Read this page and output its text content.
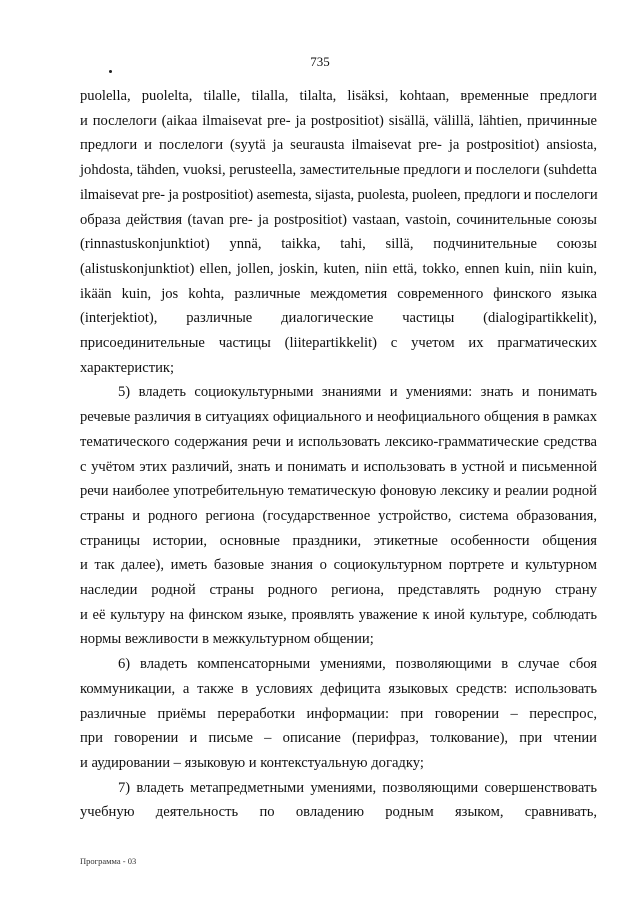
735
puolella, puolelta, tilalle, tilalla, tilalta, lisäksi, kohtaan, временные предлоги
и послелоги (aikaa ilmaisevat pre- ja postpositiot) sisällä, välillä, lähtien, причинные
предлоги и послелоги (syytä ja seurausta ilmaisevat pre- ja postpositiot) ansiosta,
johdosta, tähden, vuoksi, perusteella, заместительные предлоги и послелоги (suhdetta
ilmaisevat pre- ja postpositiot) asemesta, sijasta, puolesta, puoleen, предлоги и послелоги
образа действия (tavan pre- ja postpositiot) vastaan, vastoin, сочинительные союзы
(rinnastuskonjunktiot) ynnä, taikka, tahi, sillä, подчинительные союзы
(alistuskonjunktiot) ellen, jollen, joskin, kuten, niin että, tokko, ennen kuin, niin kuin,
ikään kuin, jos kohta, различные междометия современного финского языка
(interjektiot), различные диалогические частицы (dialogipartikkelit),
присоединительные частицы (liitepartikkelit) с учетом их прагматических
характеристик;
5) владеть социокультурными знаниями и умениями: знать и понимать
речевые различия в ситуациях официального и неофициального общения в рамках
тематического содержания речи и использовать лексико-грамматические средства
с учётом этих различий, знать и понимать и использовать в устной и письменной
речи наиболее употребительную тематическую фоновую лексику и реалии родной
страны и родного региона (государственное устройство, система образования,
страницы истории, основные праздники, этикетные особенности общения
и так далее), иметь базовые знания о социокультурном портрете и культурном
наследии родной страны родного региона, представлять родную страну
и её культуру на финском языке, проявлять уважение к иной культуре, соблюдать
нормы вежливости в межкультурном общении;
6) владеть компенсаторными умениями, позволяющими в случае сбоя
коммуникации, а также в условиях дефицита языковых средств: использовать
различные приёмы переработки информации: при говорении – переспрос,
при говорении и письме – описание (перифраз, толкование), при чтении
и аудировании – языковую и контекстуальную догадку;
7) владеть метапредметными умениями, позволяющими совершенствовать
учебную деятельность по овладению родным языком, сравнивать,
Программа - 03
